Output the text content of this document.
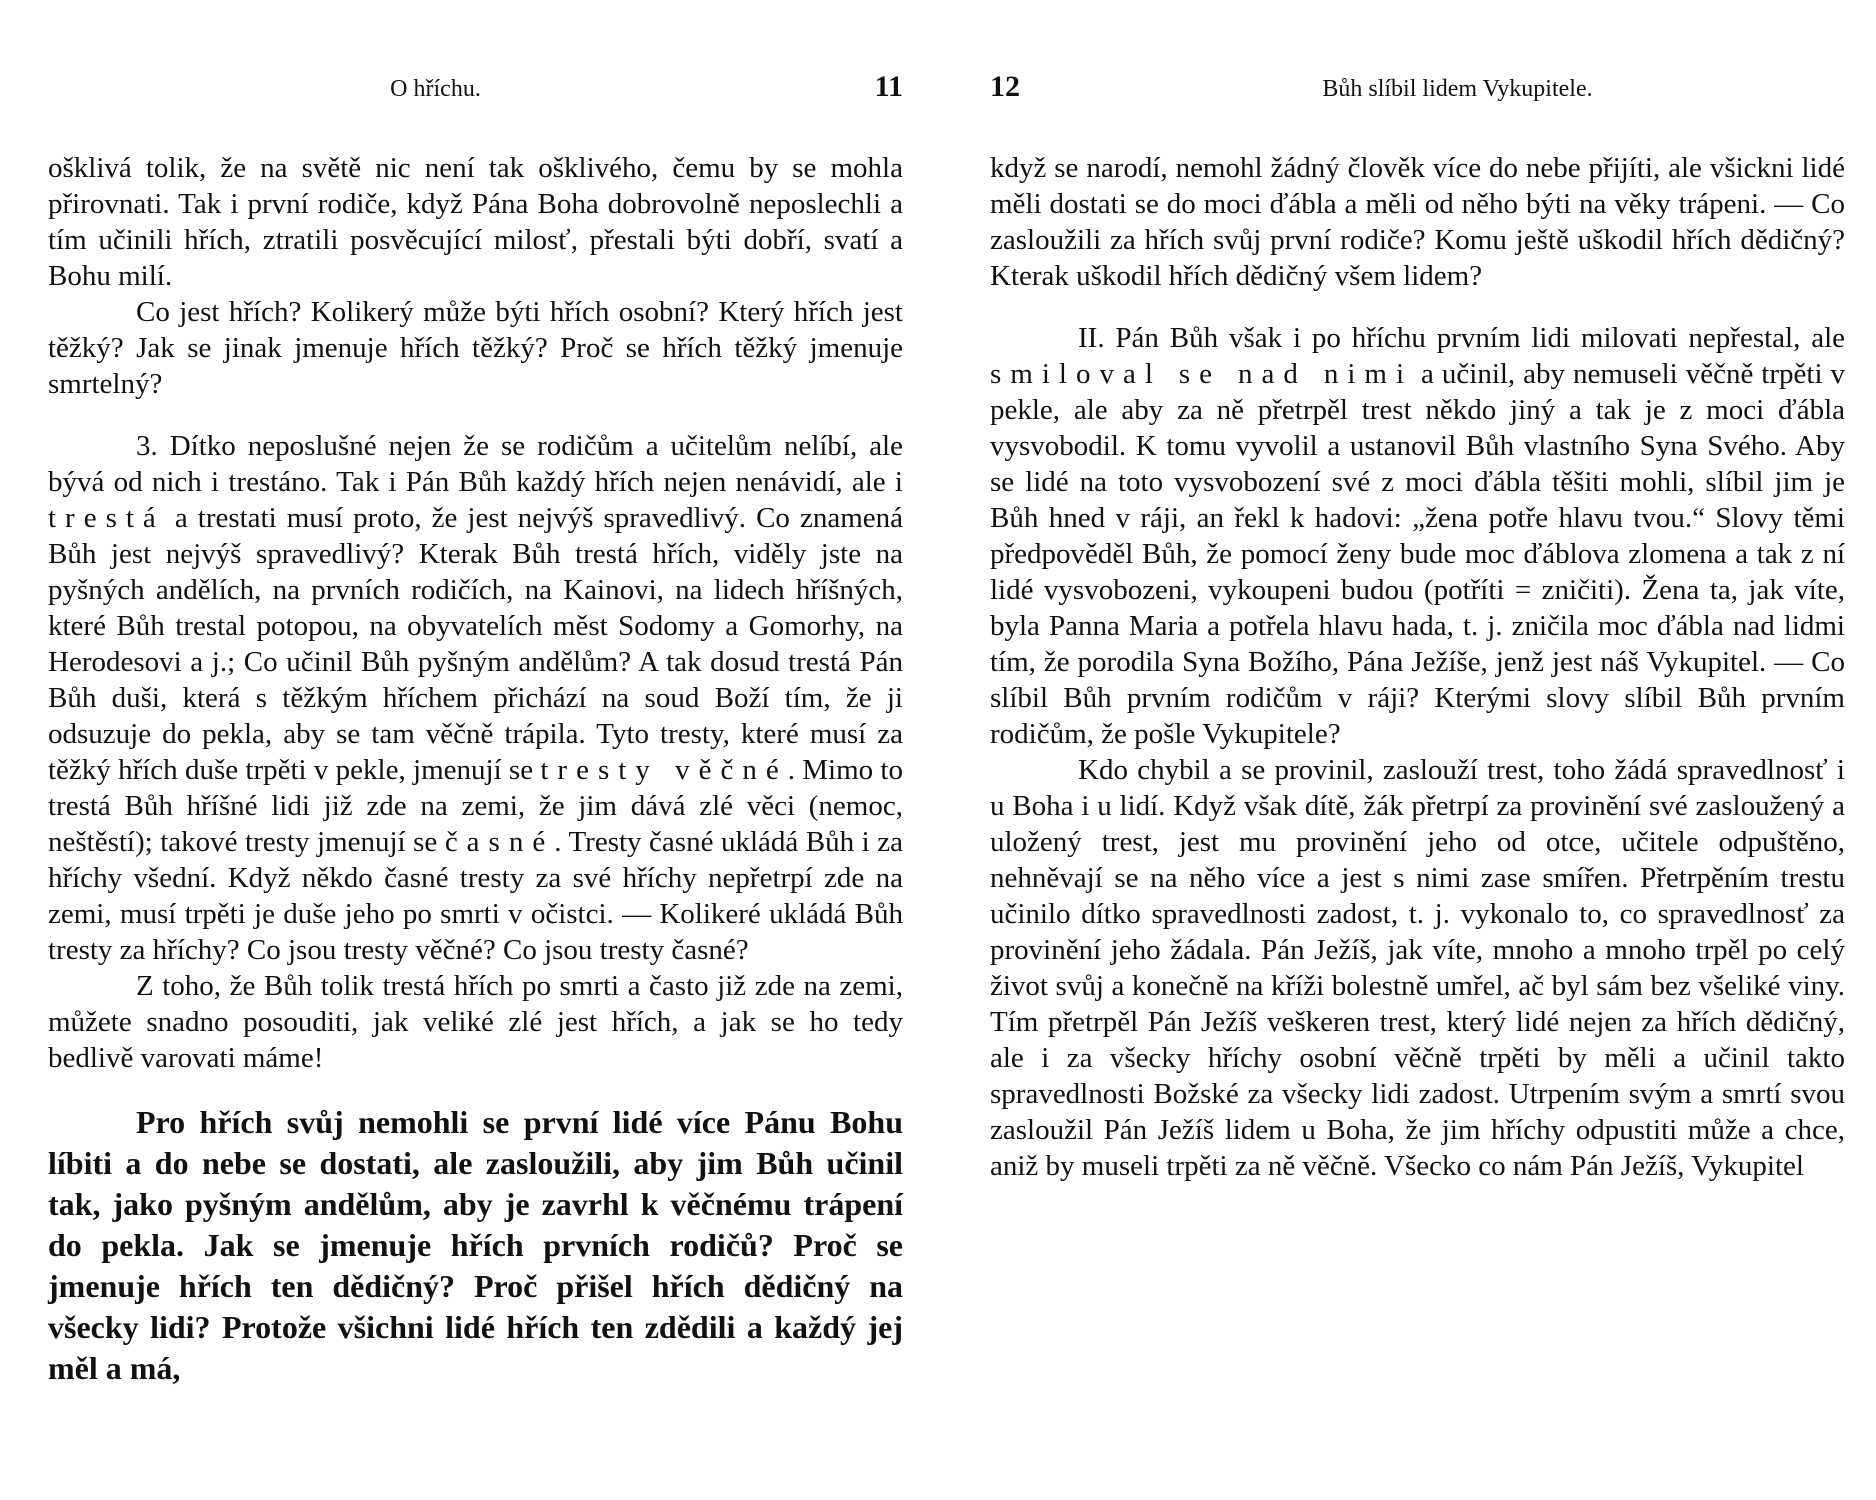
O hříchu.	11

ošklivá tolik, že na světě nic není tak ošklivého, čemu by se mohla přirovnati. Tak i první rodiče, když Pána Boha dobrovolně neposlechli a tím učinili hřích, ztratili posvěcující milosť, přestali býti dobří, svatí a Bohu milí.

Co jest hřích? Kolikerý může býti hřích osobní? Který hřích jest těžký? Jak se jinak jmenuje hřích těžký? Proč se hřích těžký jmenuje smrtelný?

3. Dítko neposlušné nejen že se rodičům a učitelům nelíbí, ale bývá od nich i trestáno. Tak i Pán Bůh každý hřích nejen nenávidí, ale i trestá a trestati musí proto, že jest nejvýš spravedlivý. Co znamená Bůh jest nejvýš spravedlivý? Kterak Bůh trestá hřích, viděly jste na pyšných andělích, na prvních rodičích, na Kainovi, na lidech hříšných, které Bůh trestal potopou, na obyvatelích měst Sodomy a Gomorhy, na Herodesovi a j.; Co učinil Bůh pyšným andělům? A tak dosud trestá Pán Bůh duši, která s těžkým hříchem přichází na soud Boží tím, že ji odsuzuje do pekla, aby se tam věčně trápila. Tyto tresty, které musí za těžký hřích duše trpěti v pekle, jmenují se tresty věčné. Mimo to trestá Bůh hříšné lidi již zde na zemi, že jim dává zlé věci (nemoc, neštěstí); takové tresty jmenují se časné. Tresty časné ukládá Bůh i za hříchy všední. Když někdo časné tresty za své hříchy nepřetrpí zde na zemi, musí trpěti je duše jeho po smrti v očistci. — Kolikeré ukládá Bůh tresty za hříchy? Co jsou tresty věčné? Co jsou tresty časné?

Z toho, že Bůh tolik trestá hřích po smrti a často již zde na zemi, můžete snadno posouditi, jak veliké zlé jest hřích, a jak se ho tedy bedlivě varovati máme!

Pro hřích svůj nemohli se první lidé více Pánu Bohu líbiti a do nebe se dostati, ale zasloužili, aby jim Bůh učinil tak, jako pyšným andělům, aby je zavrhl k věčnému trápení do pekla. Jak se jmenuje hřích prvních rodičů? Proč se jmenuje hřích ten dědičný? Proč přišel hřích dědičný na všecky lidi? Protože všichni lidé hřích ten zdědili a každý jej měl a má,

12	Bůh slíbil lidem Vykupitele.

když se narodí, nemohl žádný člověk více do nebe přijíti, ale všickni lidé měli dostati se do moci ďábla a měli od něho býti na věky trápeni. — Co zasloužili za hřích svůj první rodiče? Komu ještě uškodil hřích dědičný? Kterak uškodil hřích dědičný všem lidem?

II. Pán Bůh však i po hříchu prvním lidi milovati nepřestal, ale smiloval se nad nimi a učinil, aby nemuseli věčně trpěti v pekle, ale aby za ně přetrpěl trest někdo jiný a tak je z moci ďábla vysvobodil. K tomu vyvolil a ustanovil Bůh vlastního Syna Svého. Aby se lidé na toto vysvobození své z moci ďábla těšiti mohli, slíbil jim je Bůh hned v ráji, an řekl k hadovi: „žena potře hlavu tvou.“ Slovy těmi předpověděl Bůh, že pomocí ženy bude moc ďáblova zlomena a tak z ní lidé vysvobozeni, vykoupeni budou (potříti = zničiti). Žena ta, jak víte, byla Panna Maria a potřela hlavu hada, t. j. zničila moc ďábla nad lidmi tím, že porodila Syna Božího, Pána Ježíše, jenž jest náš Vykupitel. — Co slíbil Bůh prvním rodičům v ráji? Kterými slovy slíbil Bůh prvním rodičům, že pošle Vykupitele?

Kdo chybil a se provinil, zaslouží trest, toho žádá spravedlnosť i u Boha i u lidí. Když však dítě, žák přetrpí za provinění své zasloužený a uložený trest, jest mu provinění jeho od otce, učitele odpuštěno, nehněvají se na něho více a jest s nimi zase smířen. Přetrpěním trestu učinilo dítko spravedlnosti zadost, t. j. vykonalo to, co spravedlnosť za provinění jeho žádala. Pán Ježíš, jak víte, mnoho a mnoho trpěl po celý život svůj a konečně na kříži bolestně umřel, ač byl sám bez všeliké viny. Tím přetrpěl Pán Ježíš veškeren trest, který lidé nejen za hřích dědičný, ale i za všecky hříchy osobní věčně trpěti by měli a učinil takto spravedlnosti Božské za všecky lidi zadost. Utrpením svým a smrtí svou zasloužil Pán Ježíš lidem u Boha, že jim hříchy odpustiti může a chce, aniž by museli trpěti za ně věčně. Všecko co nám Pán Ježíš, Vykupitel
